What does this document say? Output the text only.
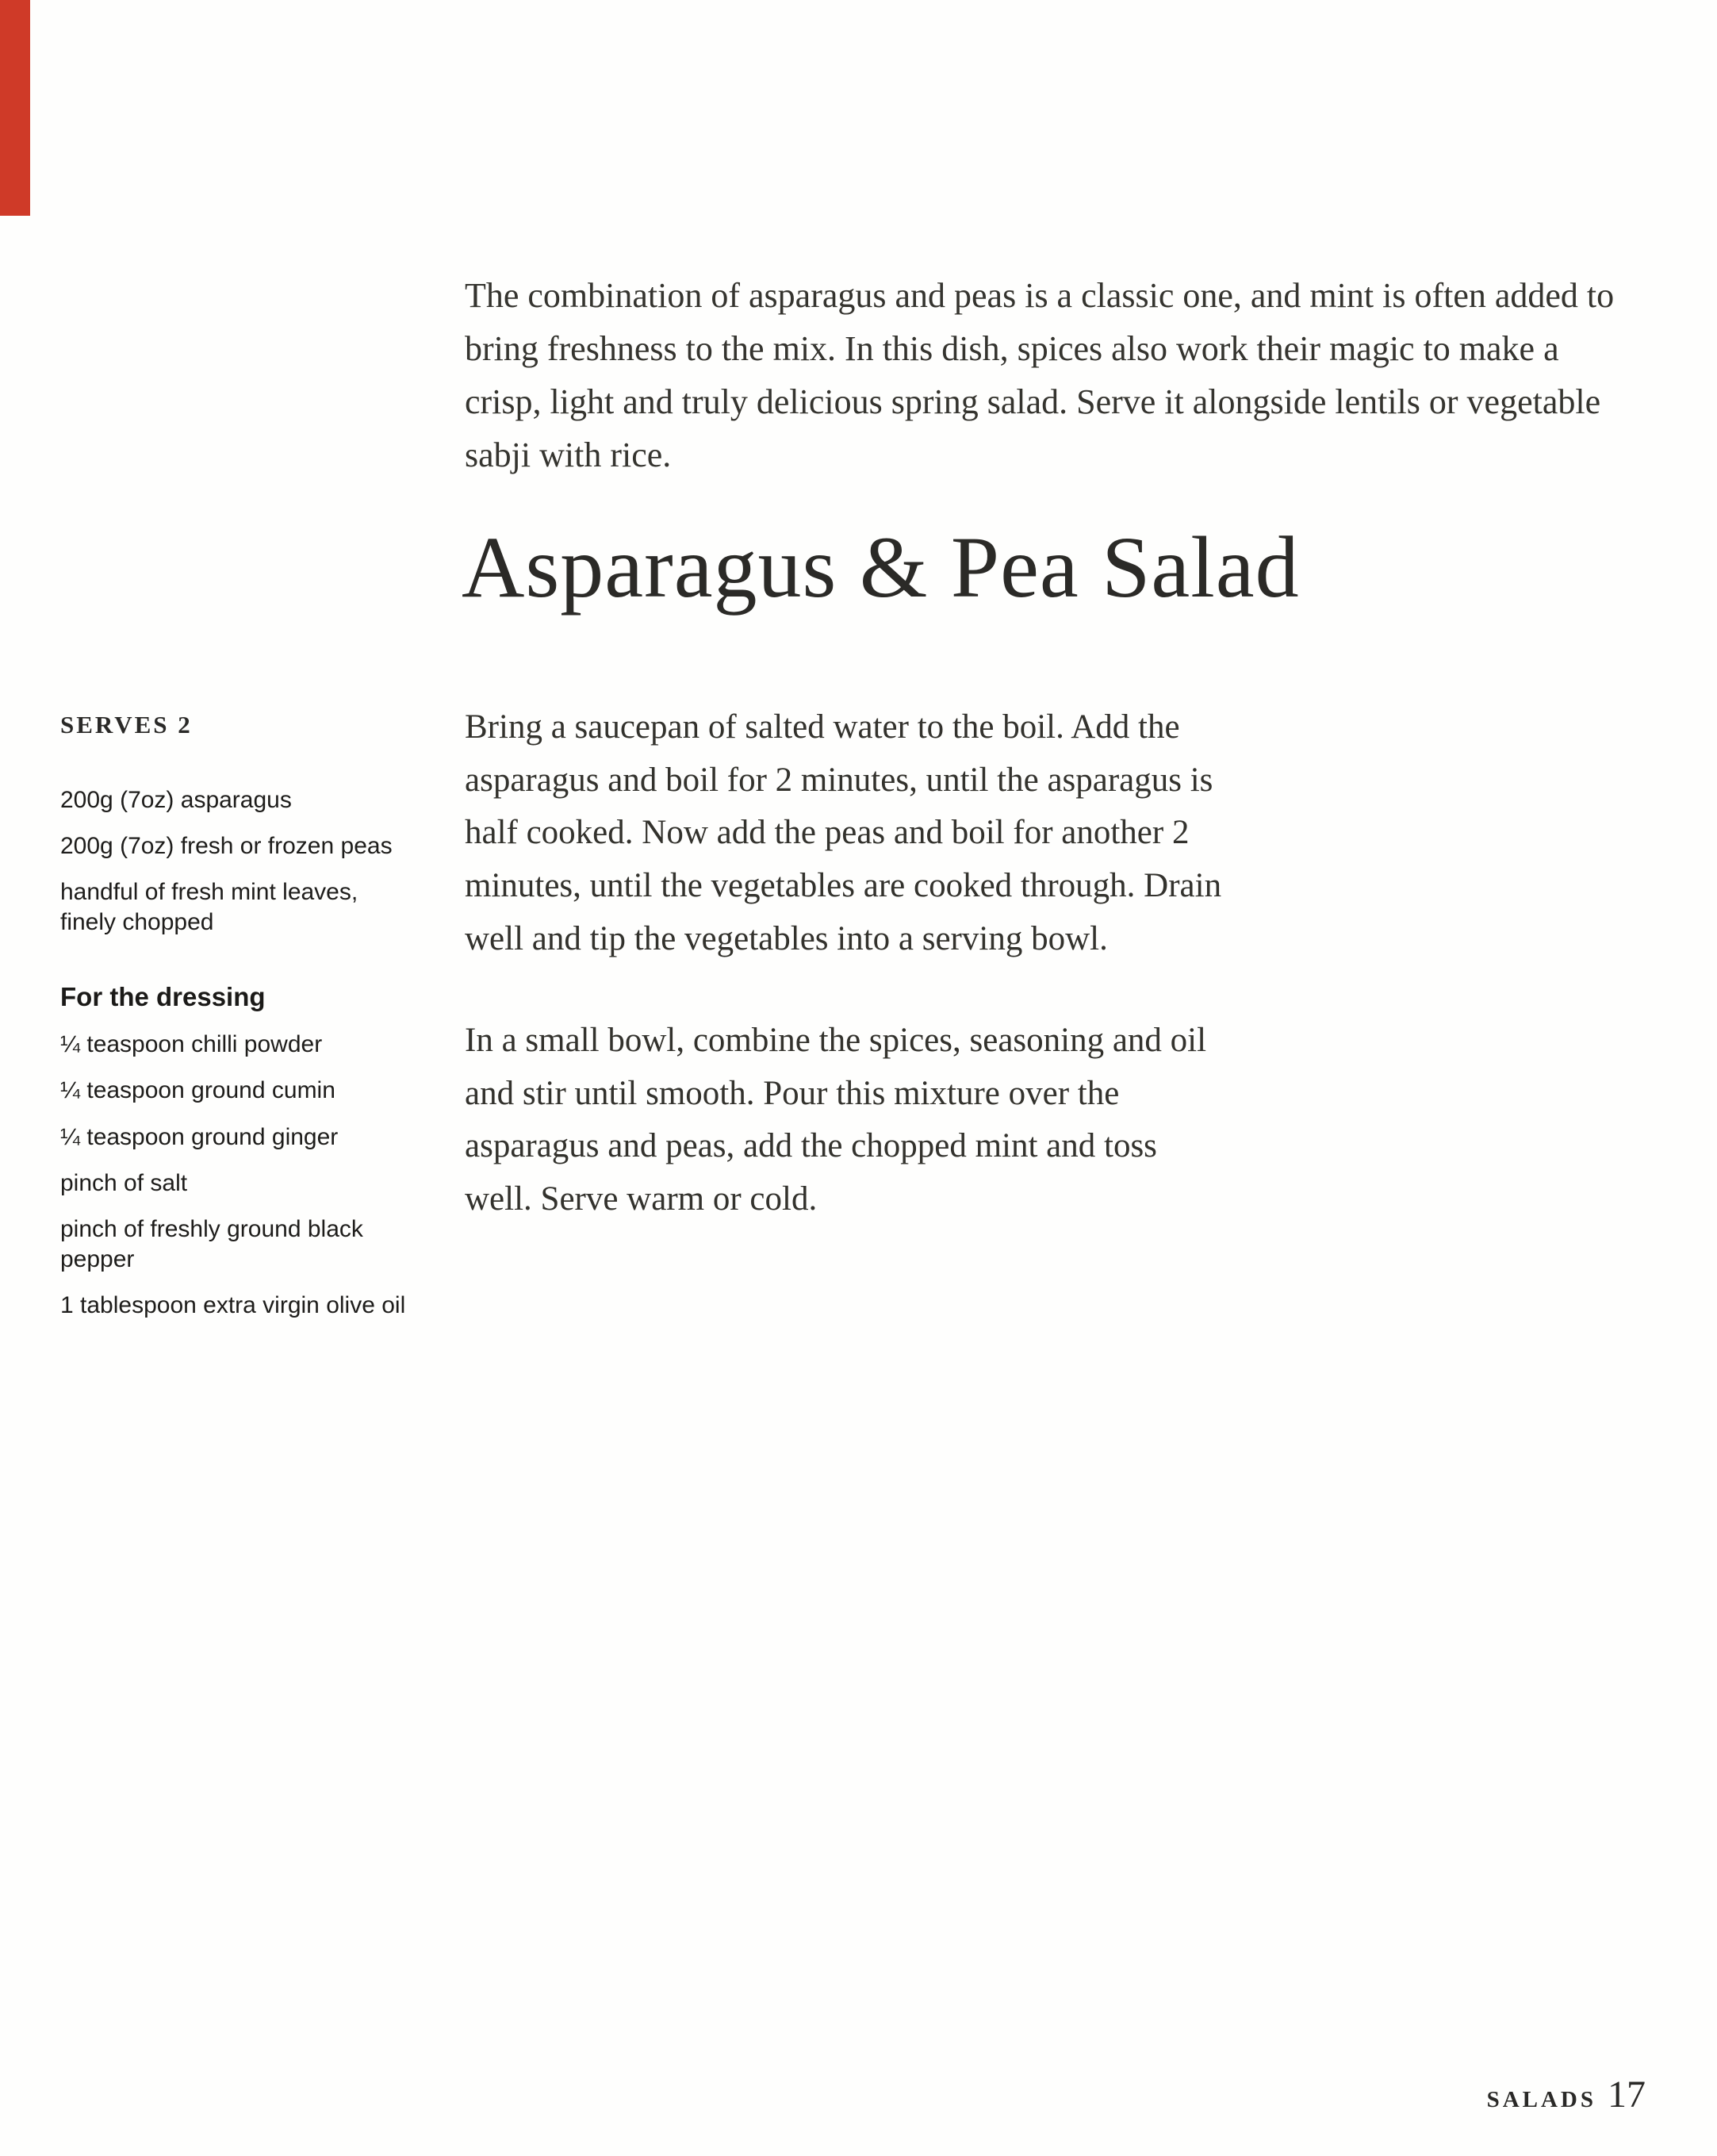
The combination of asparagus and peas is a classic one, and mint is often added to bring freshness to the mix. In this dish, spices also work their magic to make a crisp, light and truly delicious spring salad. Serve it alongside lentils or vegetable sabji with rice.

Asparagus & Pea Salad

SERVES 2

200g (7oz) asparagus

200g (7oz) fresh or frozen peas

handful of fresh mint leaves, finely chopped

For the dressing

¼ teaspoon chilli powder

¼ teaspoon ground cumin

¼ teaspoon ground ginger

pinch of salt

pinch of freshly ground black pepper

1 tablespoon extra virgin olive oil

Bring a saucepan of salted water to the boil. Add the asparagus and boil for 2 minutes, until the asparagus is half cooked. Now add the peas and boil for another 2 minutes, until the vegetables are cooked through. Drain well and tip the vegetables into a serving bowl.

In a small bowl, combine the spices, seasoning and oil and stir until smooth. Pour this mixture over the asparagus and peas, add the chopped mint and toss well. Serve warm or cold.

SALADS 17
